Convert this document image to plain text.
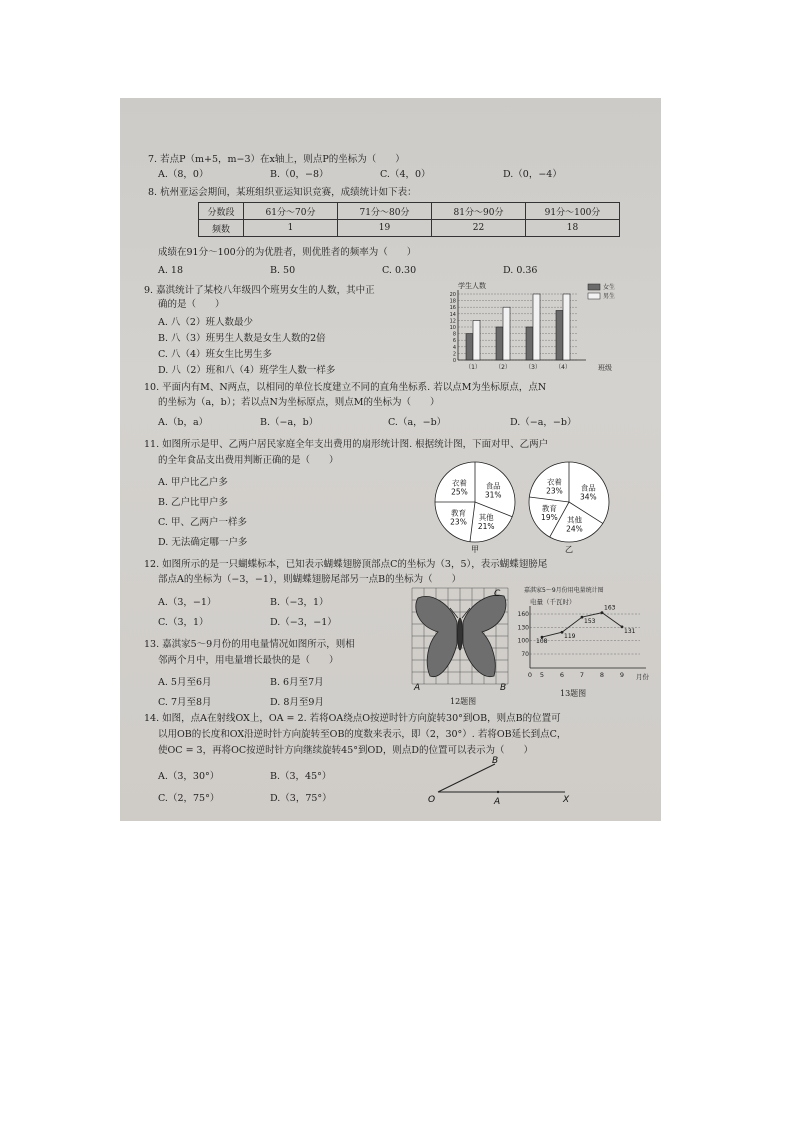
7. 若点P（m+5，m−3）在x轴上，则点P的坐标为（　　）
A.（8，0）	B.（0，−8）	C.（4，0）	D.（0，−4）
8. 杭州亚运会期间，某班组织亚运知识竞赛，成绩统计如下表：
分数段	61分～70分	71分～80分	81分～90分	91分～100分
频数	1	19	22	18
成绩在91分～100分的为优胜者，则优胜者的频率为（　　）
A. 18	B. 50	C. 0.30	D. 0.36
9. 嘉淇统计了某校八年级四个班男女生的人数，其中正
确的是（　　）
A. 八（2）班人数最少
B. 八（3）班男生人数是女生人数的2倍
C. 八（4）班女生比男生多
D. 八（2）班和八（4）班学生人数一样多
学生人数
班级
女生
男生
0
2
4
6
8
10
12
14
16
18
20
（1） （2） （3） （4）
10. 平面内有M、N两点，以相同的单位长度建立不同的直角坐标系. 若以点M为坐标原点，点N
的坐标为（a，b）；若以点N为坐标原点，则点M的坐标为（　　）
A.（b，a）	B.（−a，b）	C.（a，−b）	D.（−a，−b）
11. 如图所示是甲、乙两户居民家庭全年支出费用的扇形统计图. 根据统计图，下面对甲、乙两户
的全年食品支出费用判断正确的是（　　）
A. 甲户比乙户多
B. 乙户比甲户多
C. 甲、乙两户一样多
D. 无法确定哪一户多
衣着
25%
食品
31%
其他
21%
教育
23%
甲
衣着
23% 食品
34%
其他
24%
教育
19%
乙
12. 如图所示的是一只蝴蝶标本，已知表示蝴蝶翅膀顶部点C的坐标为（3，5），表示蝴蝶翅膀尾
部点A的坐标为（−3，−1），则蝴蝶翅膀尾部另一点B的坐标为（　　）
A.（3，−1）	B.（−3，1）
C.（3，1）	D.（−3，−1）
C
A	B
12题图
13. 嘉淇家5～9月份的用电量情况如图所示，则相
邻两个月中，用电量增长最快的是（　　）
A. 5月至6月	B. 6月至7月
C. 7月至8月	D. 8月至9月
嘉淇家5～9月份用电量统计图
电量（千瓦时）
月份
70
100
130
160
0 5 6 7 8 9
108
119
153
163
131
13题图
14. 如图，点A在射线OX上，OA = 2. 若将OA绕点O按逆时针方向旋转30°到OB，则点B的位置可
以用OB的长度和OX沿逆时针方向旋转至OB的度数来表示，即（2，30°）. 若将OB延长到点C，
使OC = 3，再将OC按逆时针方向继续旋转45°到OD，则点D的位置可以表示为（　　）
A.（3，30°）	B.（3，45°）
C.（2，75°）	D.（3，75°）	O	A
B
X
